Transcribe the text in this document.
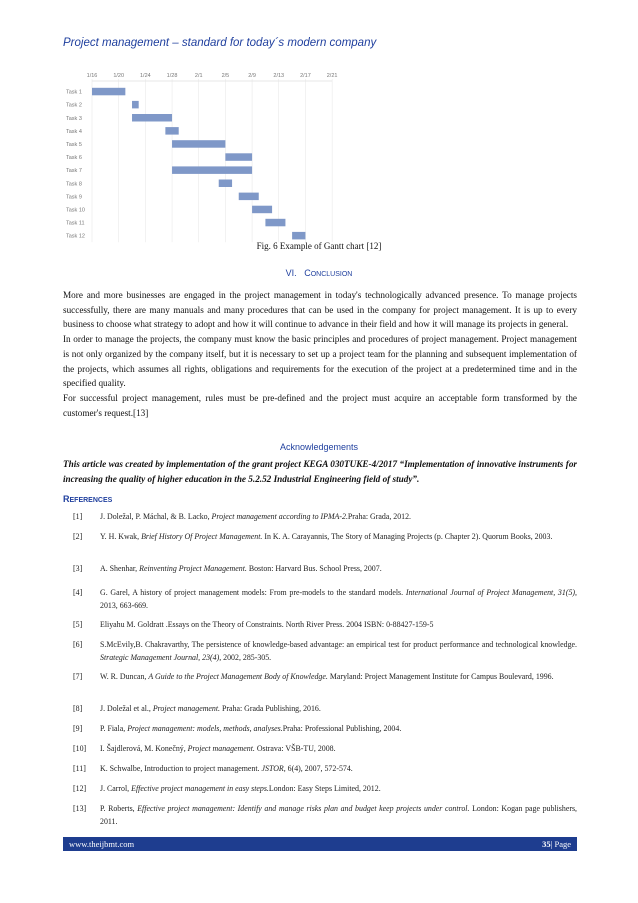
Project management – standard for today´s modern company
1/16	1/20	1/24	1/28	2/1	2/5	2/9	2/13	2/17	2/21
Task 1
Task 2
Task 3
Task 4
Task 5
Task 6
Task 7
Task 8
Task 9
Task 10
Task 11
Task 12
Fig. 6 Example of Gantt chart [12]
VI. CONCLUSION

More and more businesses are engaged in the project management in today's technologically advanced presence. To manage projects successfully, there are many manuals and many procedures that can be used in the company for project management. It is up to every business to choose what strategy to adopt and how it will continue to advance in their field and how it will manage its projects in general.

In order to manage the projects, the company must know the basic principles and procedures of project management. Project management is not only organized by the company itself, but it is necessary to set up a project team for the planning and subsequent implementation of the projects, which assumes all rights, obligations and requirements for the execution of the project at a predetermined time and in the specified quality.

For successful project management, rules must be pre-defined and the project must acquire an acceptable form transformed by the customer's request.[13]

Acknowledgements
This article was created by implementation of the grant project KEGA 030TUKE-4/2017 “Implementation of innovative instruments for increasing the quality of higher education in the 5.2.52 Industrial Engineering field of study”.
REFERENCES
[1] J. Doležal, P. Máchal, & B. Lacko, Project management according to IPMA-2.Praha: Grada, 2012.
[2] Y. H. Kwak, Brief History Of Project Management. In K. A. Carayannis, The Story of Managing Projects (p. Chapter 2). Quorum Books, 2003.
[3] A. Shenhar, Reinventing Project Management. Boston: Harvard Bus. School Press, 2007.
[4] G. Garel, A history of project management models: From pre-models to the standard models. International Journal of Project Management, 31(5), 2013, 663-669.
[5] Eliyahu M. Goldratt .Essays on the Theory of Constraints. North River Press. 2004 ISBN: 0-88427-159-5
[6] S.McEvily,B. Chakravarthy, The persistence of knowledge-based advantage: an empirical test for product performance and technological knowledge. Strategic Management Journal, 23(4), 2002, 285-305.
[7] W. R. Duncan, A Guide to the Project Management Body of Knowledge. Maryland: Project Management Institute for Campus Boulevard, 1996.
[8] J. Doležal et al., Project management. Praha: Grada Publishing, 2016.
[9] P. Fiala, Project management: models, methods, analyses.Praha: Professional Publishing, 2004.
[10] I. Šajdlerová, M. Konečný, Project management. Ostrava: VŠB-TU, 2008.
[11] K. Schwalbe, Introduction to project management. JSTOR, 6(4), 2007, 572-574.
[12] J. Carrol, Effective project management in easy steps.London: Easy Steps Limited, 2012.
[13] P. Roberts, Effective project management: Identify and manage risks plan and budget keep projects under control. London: Kogan page publishers, 2011.
www.theijbmt.com	35| Page
